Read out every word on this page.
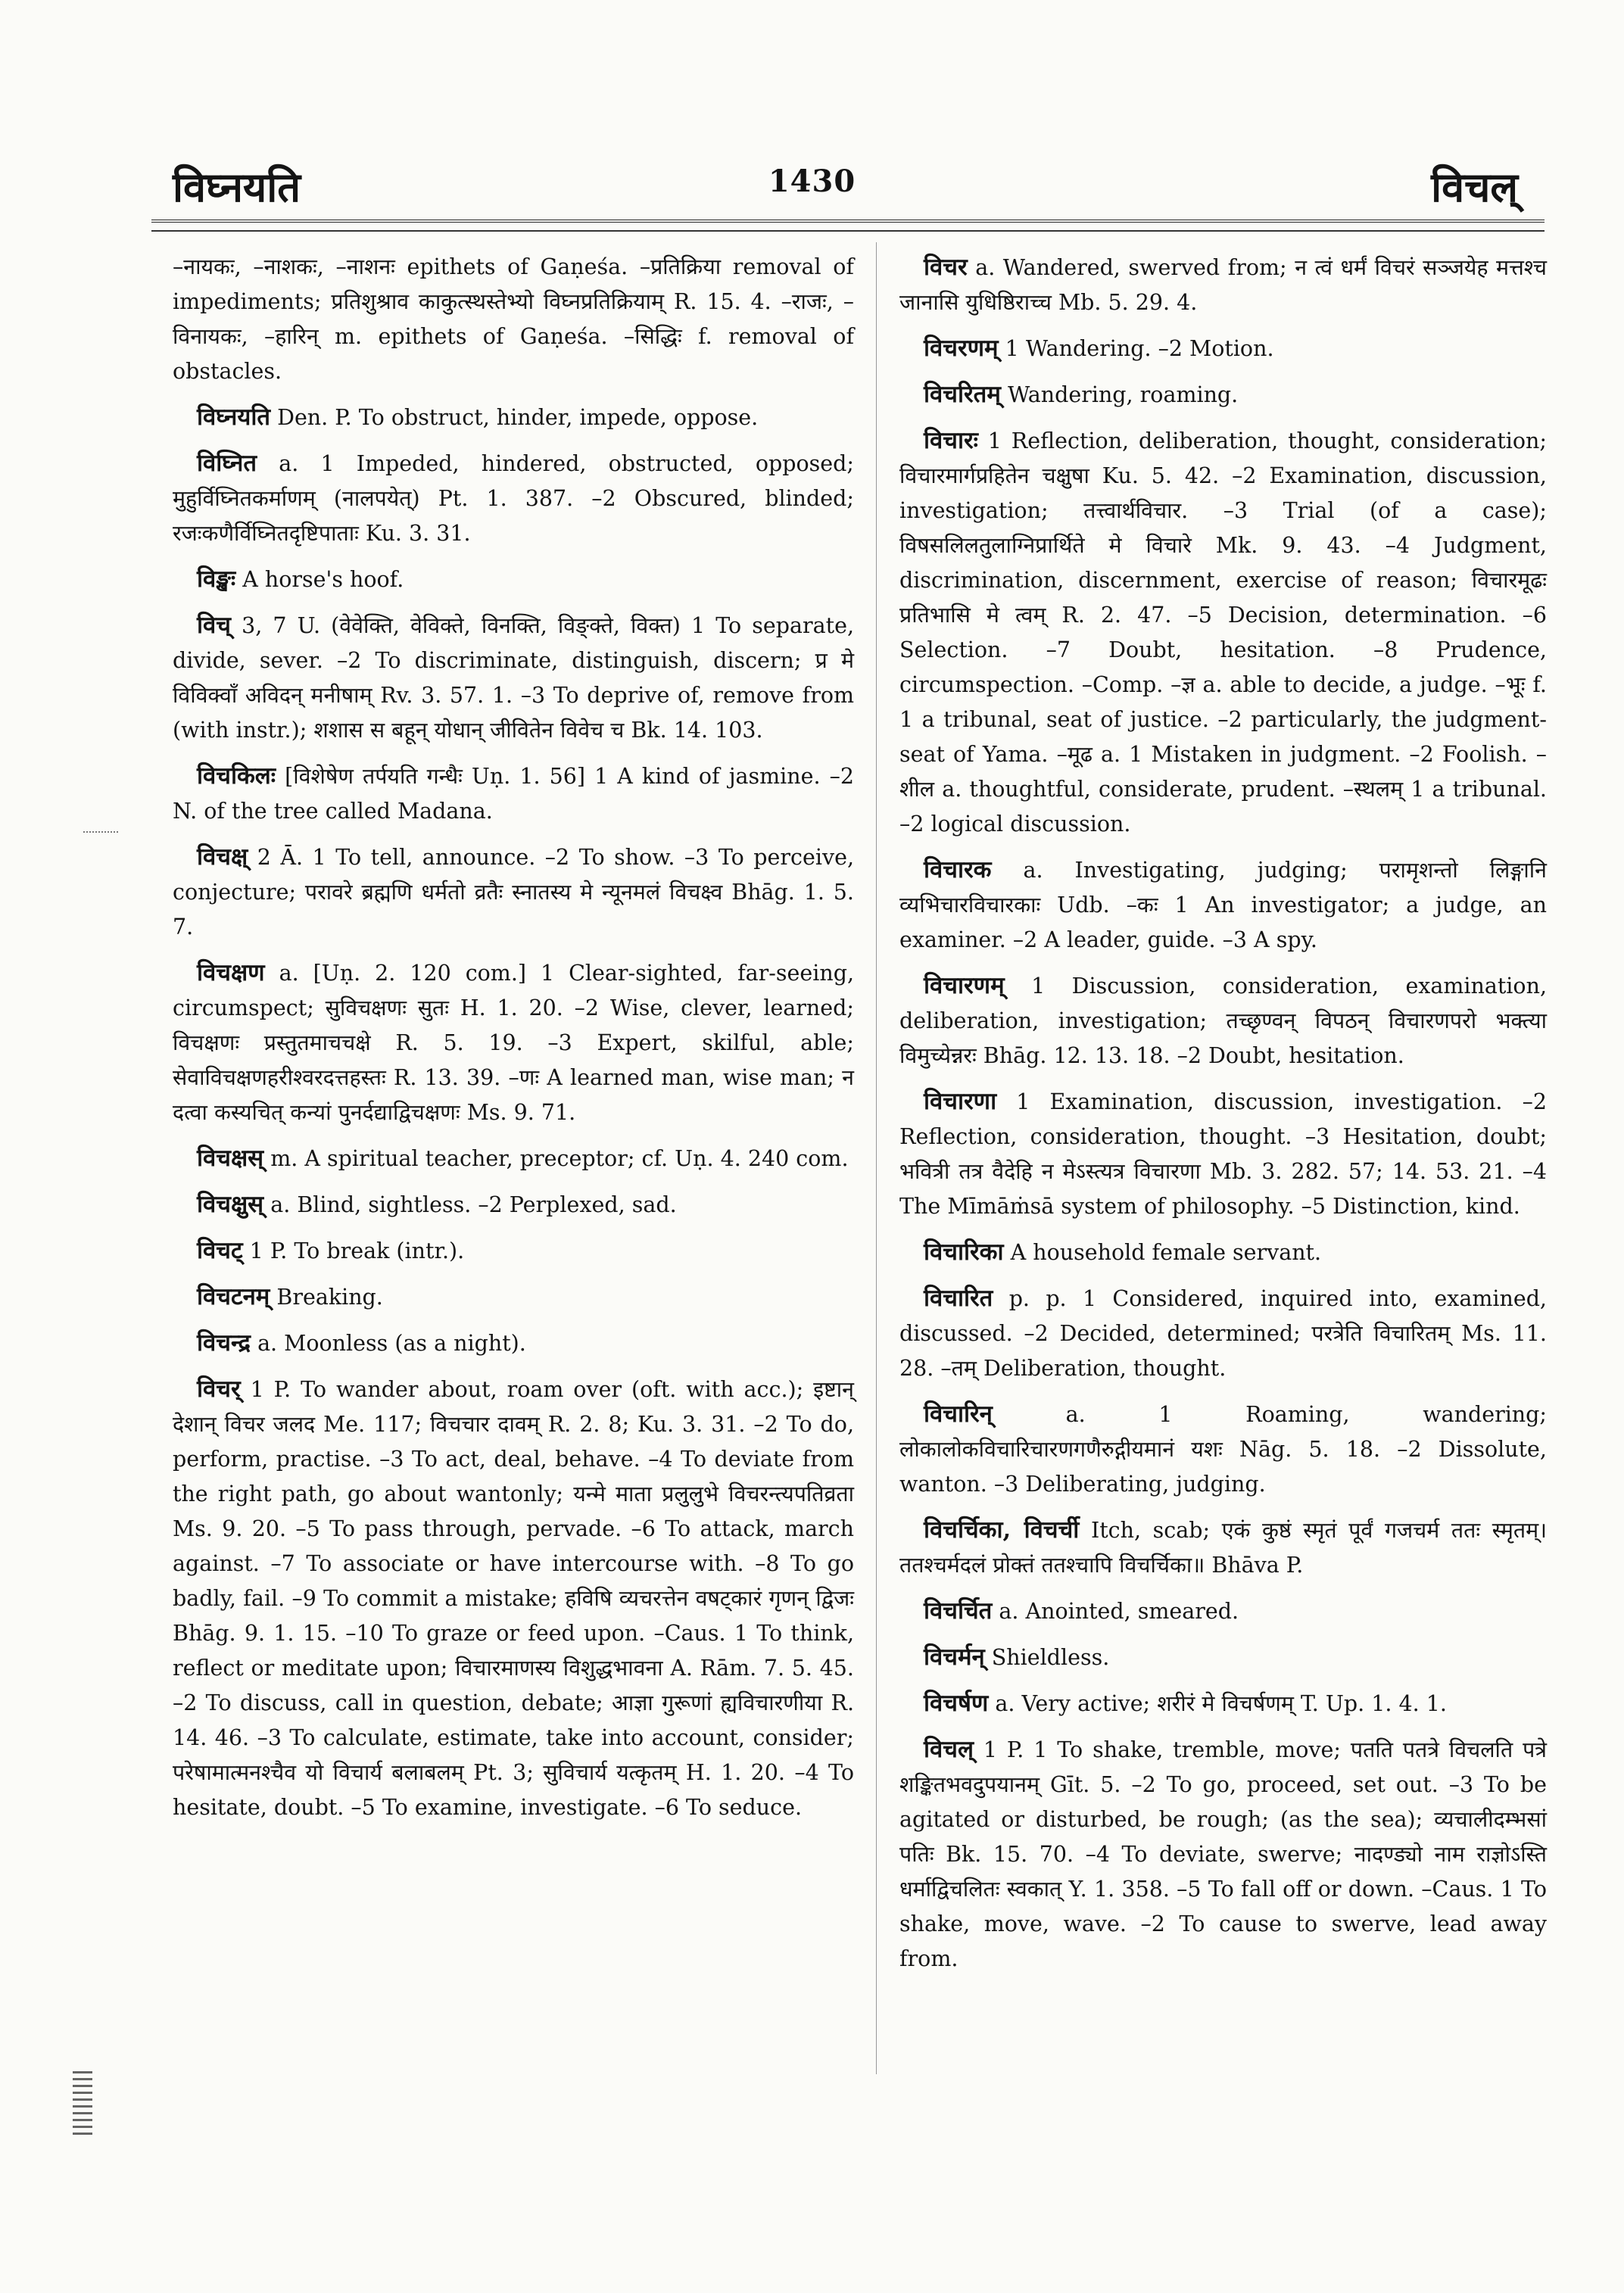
विघ्नयति	1430	विचल्

–नायकः, –नाशकः, –नाशनः epithets of Gaṇeśa. –प्रतिक्रिया removal of impediments; प्रतिशुश्राव काकुत्स्थस्तेभ्यो विघ्नप्रतिक्रियाम् R. 15. 4. –राजः, –विनायकः, –हारिन् m. epithets of Gaṇeśa. –सिद्धिः f. removal of obstacles.

विघ्नयति Den. P. To obstruct, hinder, impede, oppose.

विघ्नित a. 1 Impeded, hindered, obstructed, opposed; मुहुर्विघ्नितकर्माणम् (नालपयेत्) Pt. 1. 387. –2 Obscured, blinded; रजःकणैर्विघ्नितदृष्टिपाताः Ku. 3. 31.

विङ्खः A horse's hoof.

विच् 3, 7 U. (वेवेक्ति, वेविक्ते, विनक्ति, विङ्क्ते, विक्त) 1 To separate, divide, sever. –2 To discriminate, distinguish, discern; प्र मे विविक्वाँ अविदन् मनीषाम् Rv. 3. 57. 1. –3 To deprive of, remove from (with instr.); शशास स बहून् योधान् जीवितेन विवेच च Bk. 14. 103.

विचकिलः [विशेषेण तर्पयति गन्धैः Uṇ. 1. 56] 1 A kind of jasmine. –2 N. of the tree called Madana.

विचक्ष् 2 Ā. 1 To tell, announce. –2 To show. –3 To perceive, conjecture; परावरे ब्रह्मणि धर्मतो व्रतैः स्नातस्य मे न्यूनमलं विचक्ष्व Bhāg. 1. 5. 7.

विचक्षण a. [Uṇ. 2. 120 com.] 1 Clear-sighted, far-seeing, circumspect; सुविचक्षणः सुतः H. 1. 20. –2 Wise, clever, learned; विचक्षणः प्रस्तुतमाचचक्षे R. 5. 19. –3 Expert, skilful, able; सेवाविचक्षणहरीश्वरदत्तहस्तः R. 13. 39. –णः A learned man, wise man; न दत्वा कस्यचित् कन्यां पुनर्दद्याद्विचक्षणः Ms. 9. 71.

विचक्षस् m. A spiritual teacher, preceptor; cf. Uṇ. 4. 240 com.

विचक्षुस् a. Blind, sightless. –2 Perplexed, sad.

विचट् 1 P. To break (intr.).

विचटनम् Breaking.

विचन्द्र a. Moonless (as a night).

विचर् 1 P. To wander about, roam over (oft. with acc.); इष्टान् देशान् विचर जलद Me. 117; विचचार दावम् R. 2. 8; Ku. 3. 31. –2 To do, perform, practise. –3 To act, deal, behave. –4 To deviate from the right path, go about wantonly; यन्मे माता प्रलुलुभे विचरन्त्यपतिव्रता Ms. 9. 20. –5 To pass through, pervade. –6 To attack, march against. –7 To associate or have intercourse with. –8 To go badly, fail. –9 To commit a mistake; हविषि व्यचरत्तेन वषट्कारं गृणन् द्विजः Bhāg. 9. 1. 15. –10 To graze or feed upon. –Caus. 1 To think, reflect or meditate upon; विचारमाणस्य विशुद्धभावना A. Rām. 7. 5. 45. –2 To discuss, call in question, debate; आज्ञा गुरूणां ह्यविचारणीया R. 14. 46. –3 To calculate, estimate, take into account, consider; परेषामात्मनश्चैव यो विचार्य बलाबलम् Pt. 3; सुविचार्य यत्कृतम् H. 1. 20. –4 To hesitate, doubt. –5 To examine, investigate. –6 To seduce.

विचर a. Wandered, swerved from; न त्वं धर्मं विचरं सञ्जयेह मत्तश्च जानासि युधिष्ठिराच्च Mb. 5. 29. 4.

विचरणम् 1 Wandering. –2 Motion.

विचरितम् Wandering, roaming.

विचारः 1 Reflection, deliberation, thought, consideration; विचारमार्गप्रहितेन चक्षुषा Ku. 5. 42. –2 Examination, discussion, investigation; तत्त्वार्थविचार. –3 Trial (of a case); विषसलिलतुलाग्निप्रार्थिते मे विचारे Mk. 9. 43. –4 Judgment, discrimination, discernment, exercise of reason; विचारमूढः प्रतिभासि मे त्वम् R. 2. 47. –5 Decision, determination. –6 Selection. –7 Doubt, hesitation. –8 Prudence, circumspection. –Comp. –ज्ञ a. able to decide, a judge. –भूः f. 1 a tribunal, seat of justice. –2 particularly, the judgment-seat of Yama. –मूढ a. 1 Mistaken in judgment. –2 Foolish. –शील a. thoughtful, considerate, prudent. –स्थलम् 1 a tribunal. –2 logical discussion.

विचारक a. Investigating, judging; परामृशन्तो लिङ्गानि व्यभिचारविचारकाः Udb. –कः 1 An investigator; a judge, an examiner. –2 A leader, guide. –3 A spy.

विचारणम् 1 Discussion, consideration, examination, deliberation, investigation; तच्छृण्वन् विपठन् विचारणपरो भक्त्या विमुच्येन्नरः Bhāg. 12. 13. 18. –2 Doubt, hesitation.

विचारणा 1 Examination, discussion, investigation. –2 Reflection, consideration, thought. –3 Hesitation, doubt; भवित्री तत्र वैदेहि न मेऽस्त्यत्र विचारणा Mb. 3. 282. 57; 14. 53. 21. –4 The Mīmāṁsā system of philosophy. –5 Distinction, kind.

विचारिका A household female servant.

विचारित p. p. 1 Considered, inquired into, examined, discussed. –2 Decided, determined; परत्रेति विचारितम् Ms. 11. 28. –तम् Deliberation, thought.

विचारिन्	a. 1 Roaming, wandering; लोकालोकविचारिचारणगणैरुद्गीयमानं यशः Nāg. 5. 18. –2 Dissolute, wanton. –3 Deliberating, judging.

विचर्चिका, विचर्ची Itch, scab; एकं कुष्ठं स्मृतं पूर्वं गजचर्म ततः स्मृतम्। ततश्चर्मदलं प्रोक्तं ततश्चापि विचर्चिका॥ Bhāva P.

विचर्चित a. Anointed, smeared.

विचर्मन् Shieldless.

विचर्षण a. Very active; शरीरं मे विचर्षणम् T. Up. 1. 4. 1.

विचल् 1 P. 1 To shake, tremble, move; पतति पतत्रे विचलति पत्रे शङ्कितभवदुपयानम् Gīt. 5. –2 To go, proceed, set out. –3 To be agitated or disturbed, be rough; (as the sea); व्यचालीदम्भसां पतिः Bk. 15. 70. –4 To deviate, swerve; नादण्ड्यो नाम राज्ञोऽस्ति धर्माद्विचलितः स्वकात् Y. 1. 358. –5 To fall off or down. –Caus. 1 To shake, move, wave. –2 To cause to swerve, lead away from.
